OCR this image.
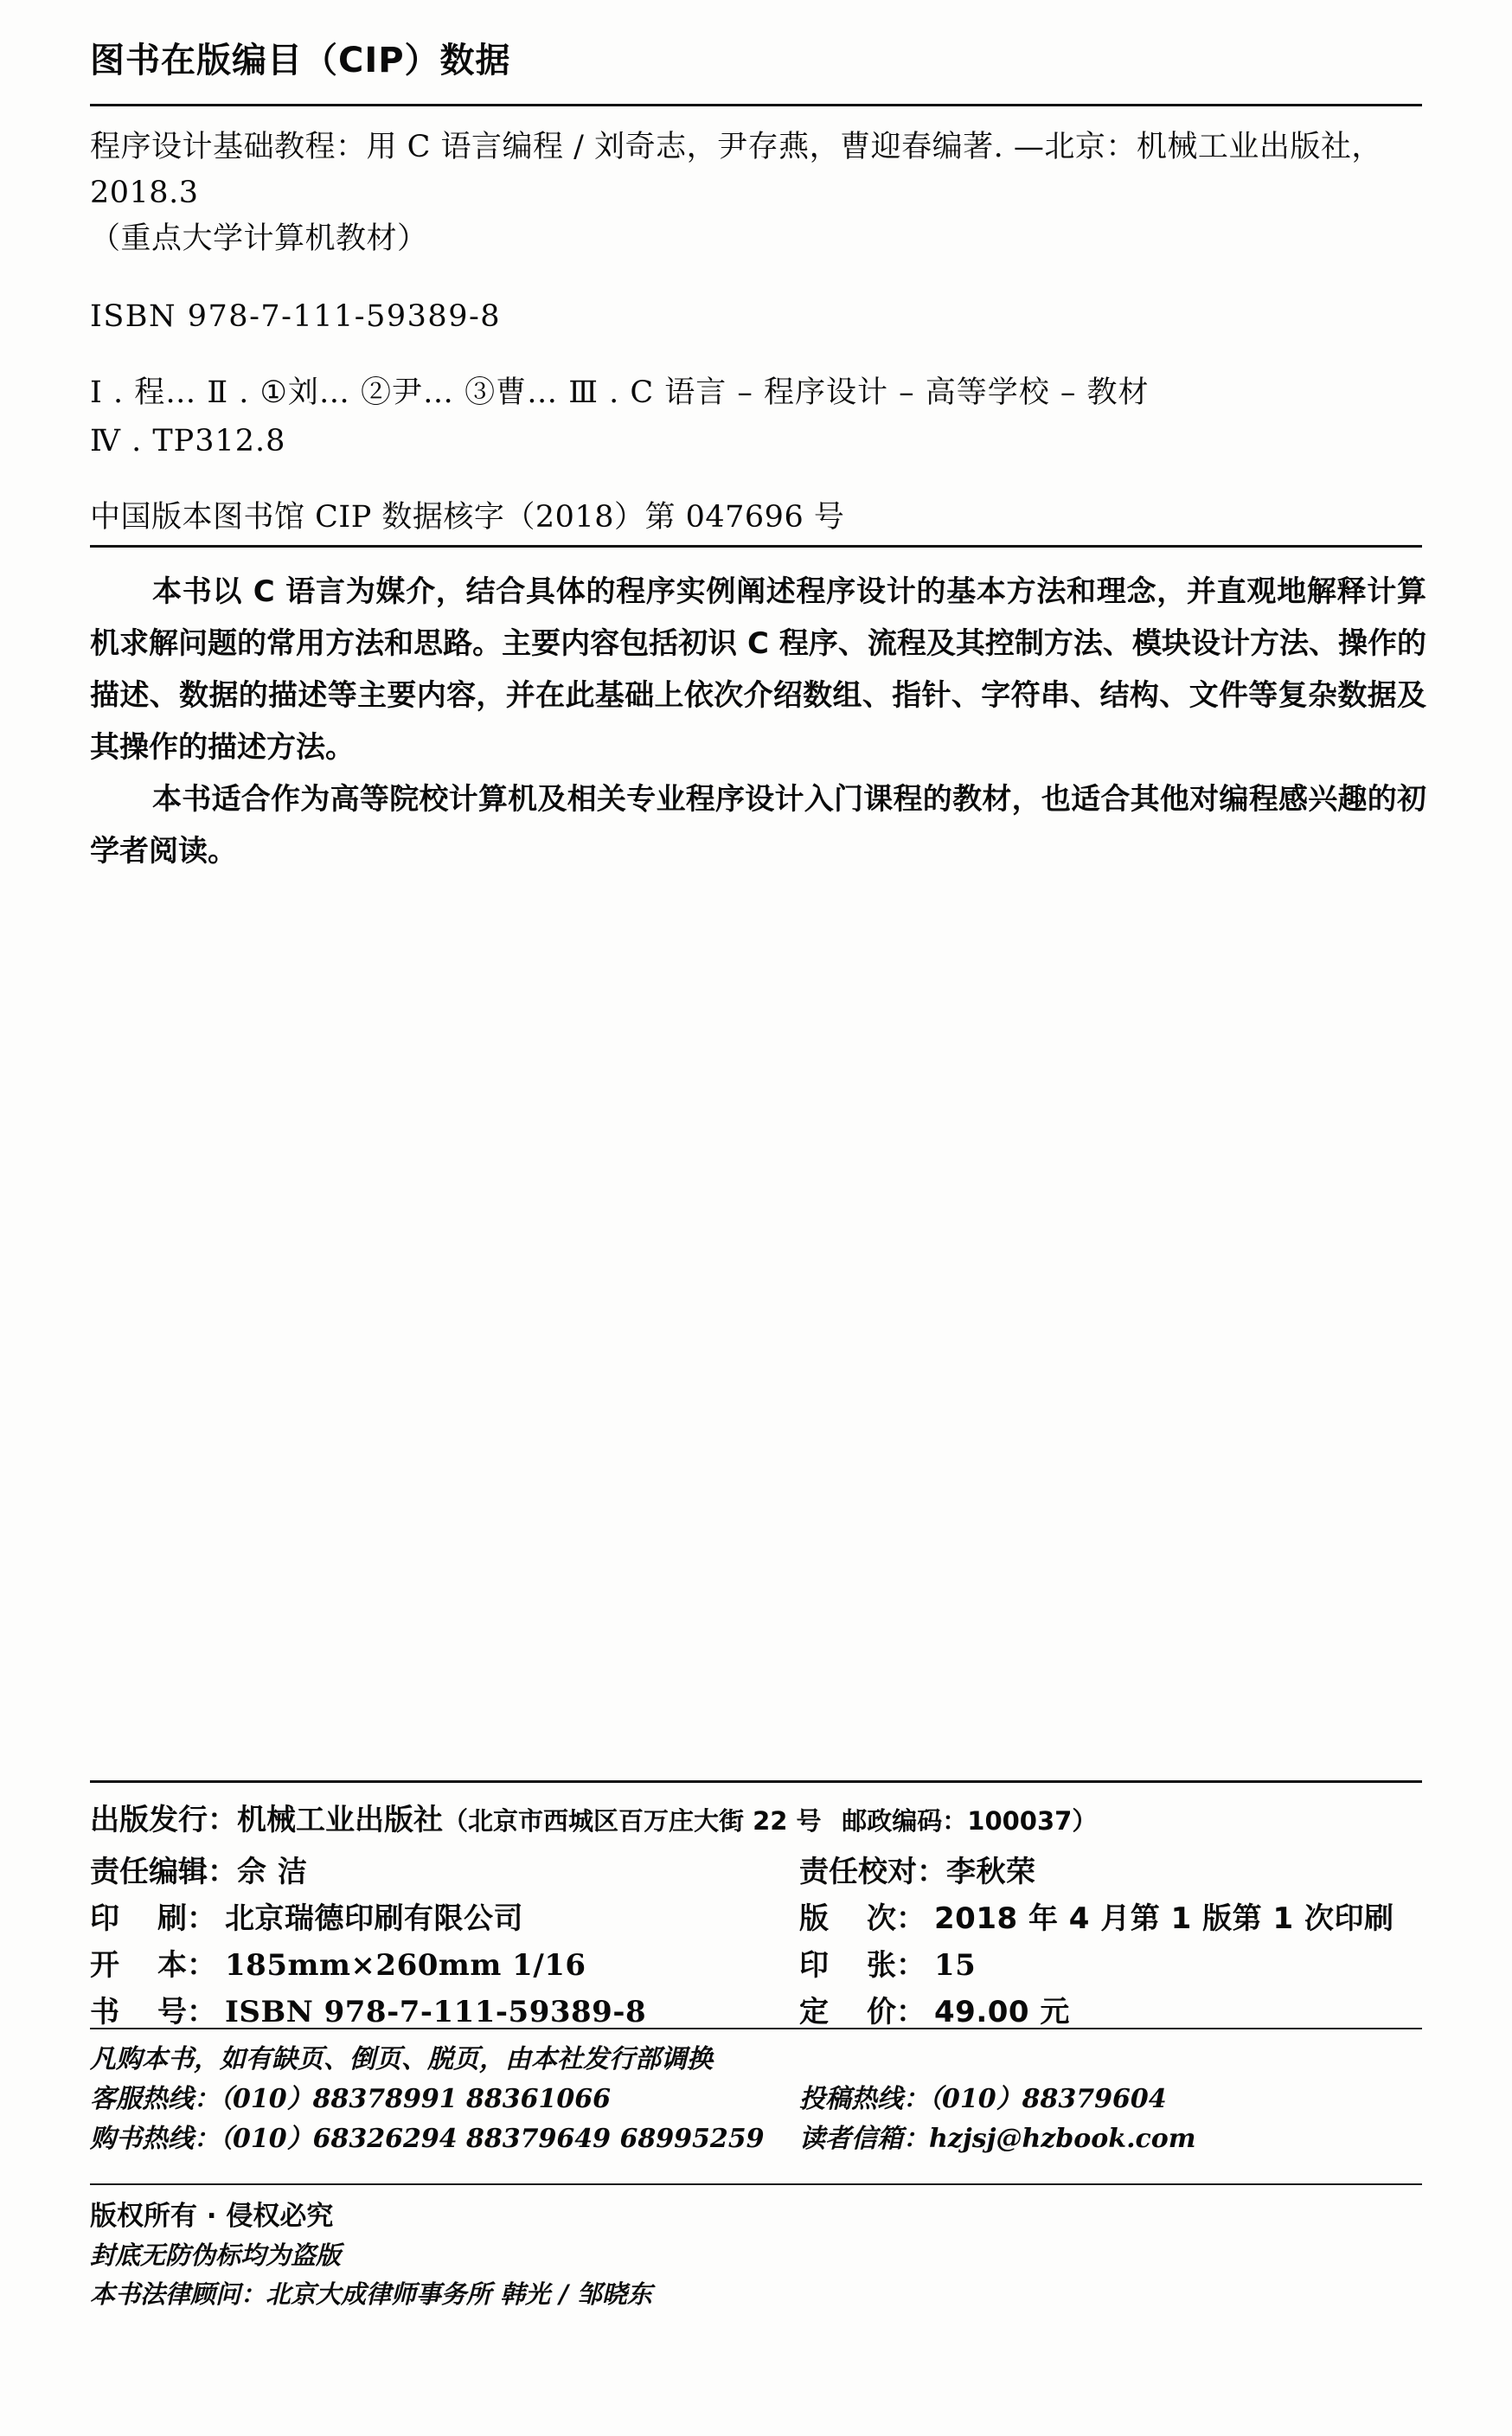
图书在版编目（CIP）数据
程序设计基础教程：用 C 语言编程 / 刘奇志，尹存燕，曹迎春编著. —北京：机械工业出版社，2018.3
（重点大学计算机教材）
ISBN 978-7-111-59389-8
Ⅰ . 程… Ⅱ . ①刘… ②尹… ③曹… Ⅲ . C 语言 – 程序设计 – 高等学校 – 教材
Ⅳ . TP312.8
中国版本图书馆 CIP 数据核字（2018）第 047696 号

本书以 C 语言为媒介，结合具体的程序实例阐述程序设计的基本方法和理念，并直观地解释计算机求解问题的常用方法和思路。主要内容包括初识 C 程序、流程及其控制方法、模块设计方法、操作的描述、数据的描述等主要内容，并在此基础上依次介绍数组、指针、字符串、结构、文件等复杂数据及其操作的描述方法。

本书适合作为高等院校计算机及相关专业程序设计入门课程的教材，也适合其他对编程感兴趣的初学者阅读。

出版发行：机械工业出版社（北京市西城区百万庄大街 22 号 邮政编码：100037）
责任编辑： 佘 洁	责任校对： 李秋荣
印 刷 ： 北京瑞德印刷有限公司	版 次 ： 2018 年 4 月第 1 版第 1 次印刷
开 本 ： 185mm×260mm 1/16	印 张 ： 15
书 号 ： ISBN 978-7-111-59389-8	定 价 ： 49.00 元
凡购本书，如有缺页、倒页、脱页，由本社发行部调换
客服热线：（010）88378991 88361066	投稿热线：（010）88379604
购书热线：（010）68326294 88379649 68995259	读者信箱：hzjsj@hzbook.com
版权所有 · 侵权必究
封底无防伪标均为盗版
本书法律顾问：北京大成律师事务所 韩光 / 邹晓东
